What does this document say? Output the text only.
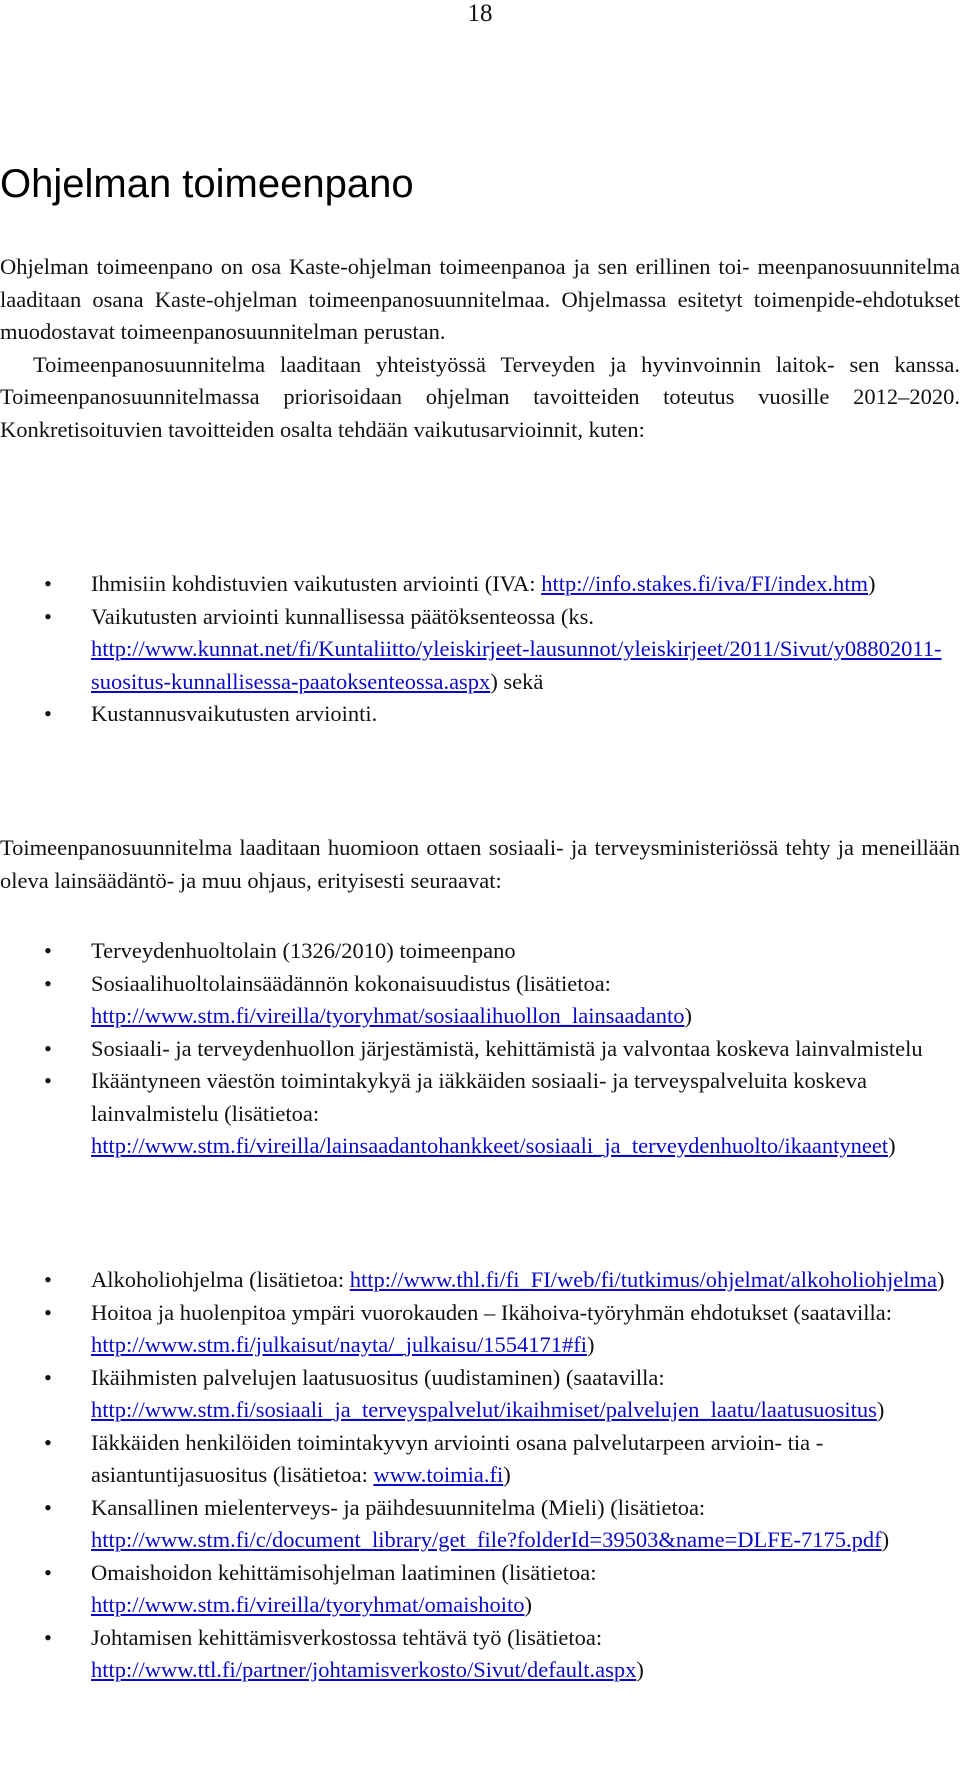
18
Ohjelman toimeenpano

Ohjelman toimeenpano on osa Kaste-ohjelman toimeenpanoa ja sen erillinen toi- meenpanosuunnitelma laaditaan osana Kaste-ohjelman toimeenpanosuunnitelmaa. Ohjelmassa esitetyt toimenpide-ehdotukset muodostavat toimeenpanosuunnitelman perustan.

Toimeenpanosuunnitelma laaditaan yhteistyössä Terveyden ja hyvinvoinnin laitok- sen kanssa. Toimeenpanosuunnitelmassa priorisoidaan ohjelman tavoitteiden toteutus vuosille 2012–2020. Konkretisoituvien tavoitteiden osalta tehdään vaikutusarvioinnit, kuten:

• Ihmisiin kohdistuvien vaikutusten arviointi (IVA: http://info.stakes.fi/iva/FI/index.htm)
• Vaikutusten arviointi kunnallisessa päätöksenteossa (ks. http://www.kunnat.net/fi/Kuntaliitto/yleiskirjeet-lausunnot/yleiskirjeet/2011/Sivut/y08802011-suositus-kunnallisessa-paatoksenteossa.aspx) sekä
• Kustannusvaikutusten arviointi.

Toimeenpanosuunnitelma laaditaan huomioon ottaen sosiaali- ja terveysministeriössä tehty ja meneillään oleva lainsäädäntö- ja muu ohjaus, erityisesti seuraavat:

• Terveydenhuoltolain (1326/2010) toimeenpano
• Sosiaalihuoltolainsäädännön kokonaisuudistus (lisätietoa: http://www.stm.fi/vireilla/tyoryhmat/sosiaalihuollon_lainsaadanto)
• Sosiaali- ja terveydenhuollon järjestämistä, kehittämistä ja valvontaa koskeva lainvalmistelu
• Ikääntyneen väestön toimintakykyä ja iäkkäiden sosiaali- ja terveyspalveluita koskeva lainvalmistelu (lisätietoa: http://www.stm.fi/vireilla/lainsaadantohankkeet/sosiaali_ja_terveydenhuolto/ikaantyneet)
• Alkoholiohjelma (lisätietoa: http://www.thl.fi/fi_FI/web/fi/tutkimus/ohjelmat/alkoholiohjelma)
• Hoitoa ja huolenpitoa ympäri vuorokauden – Ikähoiva-työryhmän ehdotukset (saatavilla: http://www.stm.fi/julkaisut/nayta/_julkaisu/1554171#fi)
• Ikäihmisten palvelujen laatusuositus (uudistaminen) (saatavilla: http://www.stm.fi/sosiaali_ja_terveyspalvelut/ikaihmiset/palvelujen_laatu/laatusuositus)
• Iäkkäiden henkilöiden toimintakyvyn arviointi osana palvelutarpeen arvioin- tia -asiantuntijasuositus (lisätietoa: www.toimia.fi)
• Kansallinen mielenterveys- ja päihdesuunnitelma (Mieli) (lisätietoa: http://www.stm.fi/c/document_library/get_file?folderId=39503&name=DLFE-7175.pdf)
• Omaishoidon kehittämisohjelman laatiminen (lisätietoa: http://www.stm.fi/vireilla/tyoryhmat/omaishoito)
• Johtamisen kehittämisverkostossa tehtävä työ (lisätietoa: http://www.ttl.fi/partner/johtamisverkosto/Sivut/default.aspx)
